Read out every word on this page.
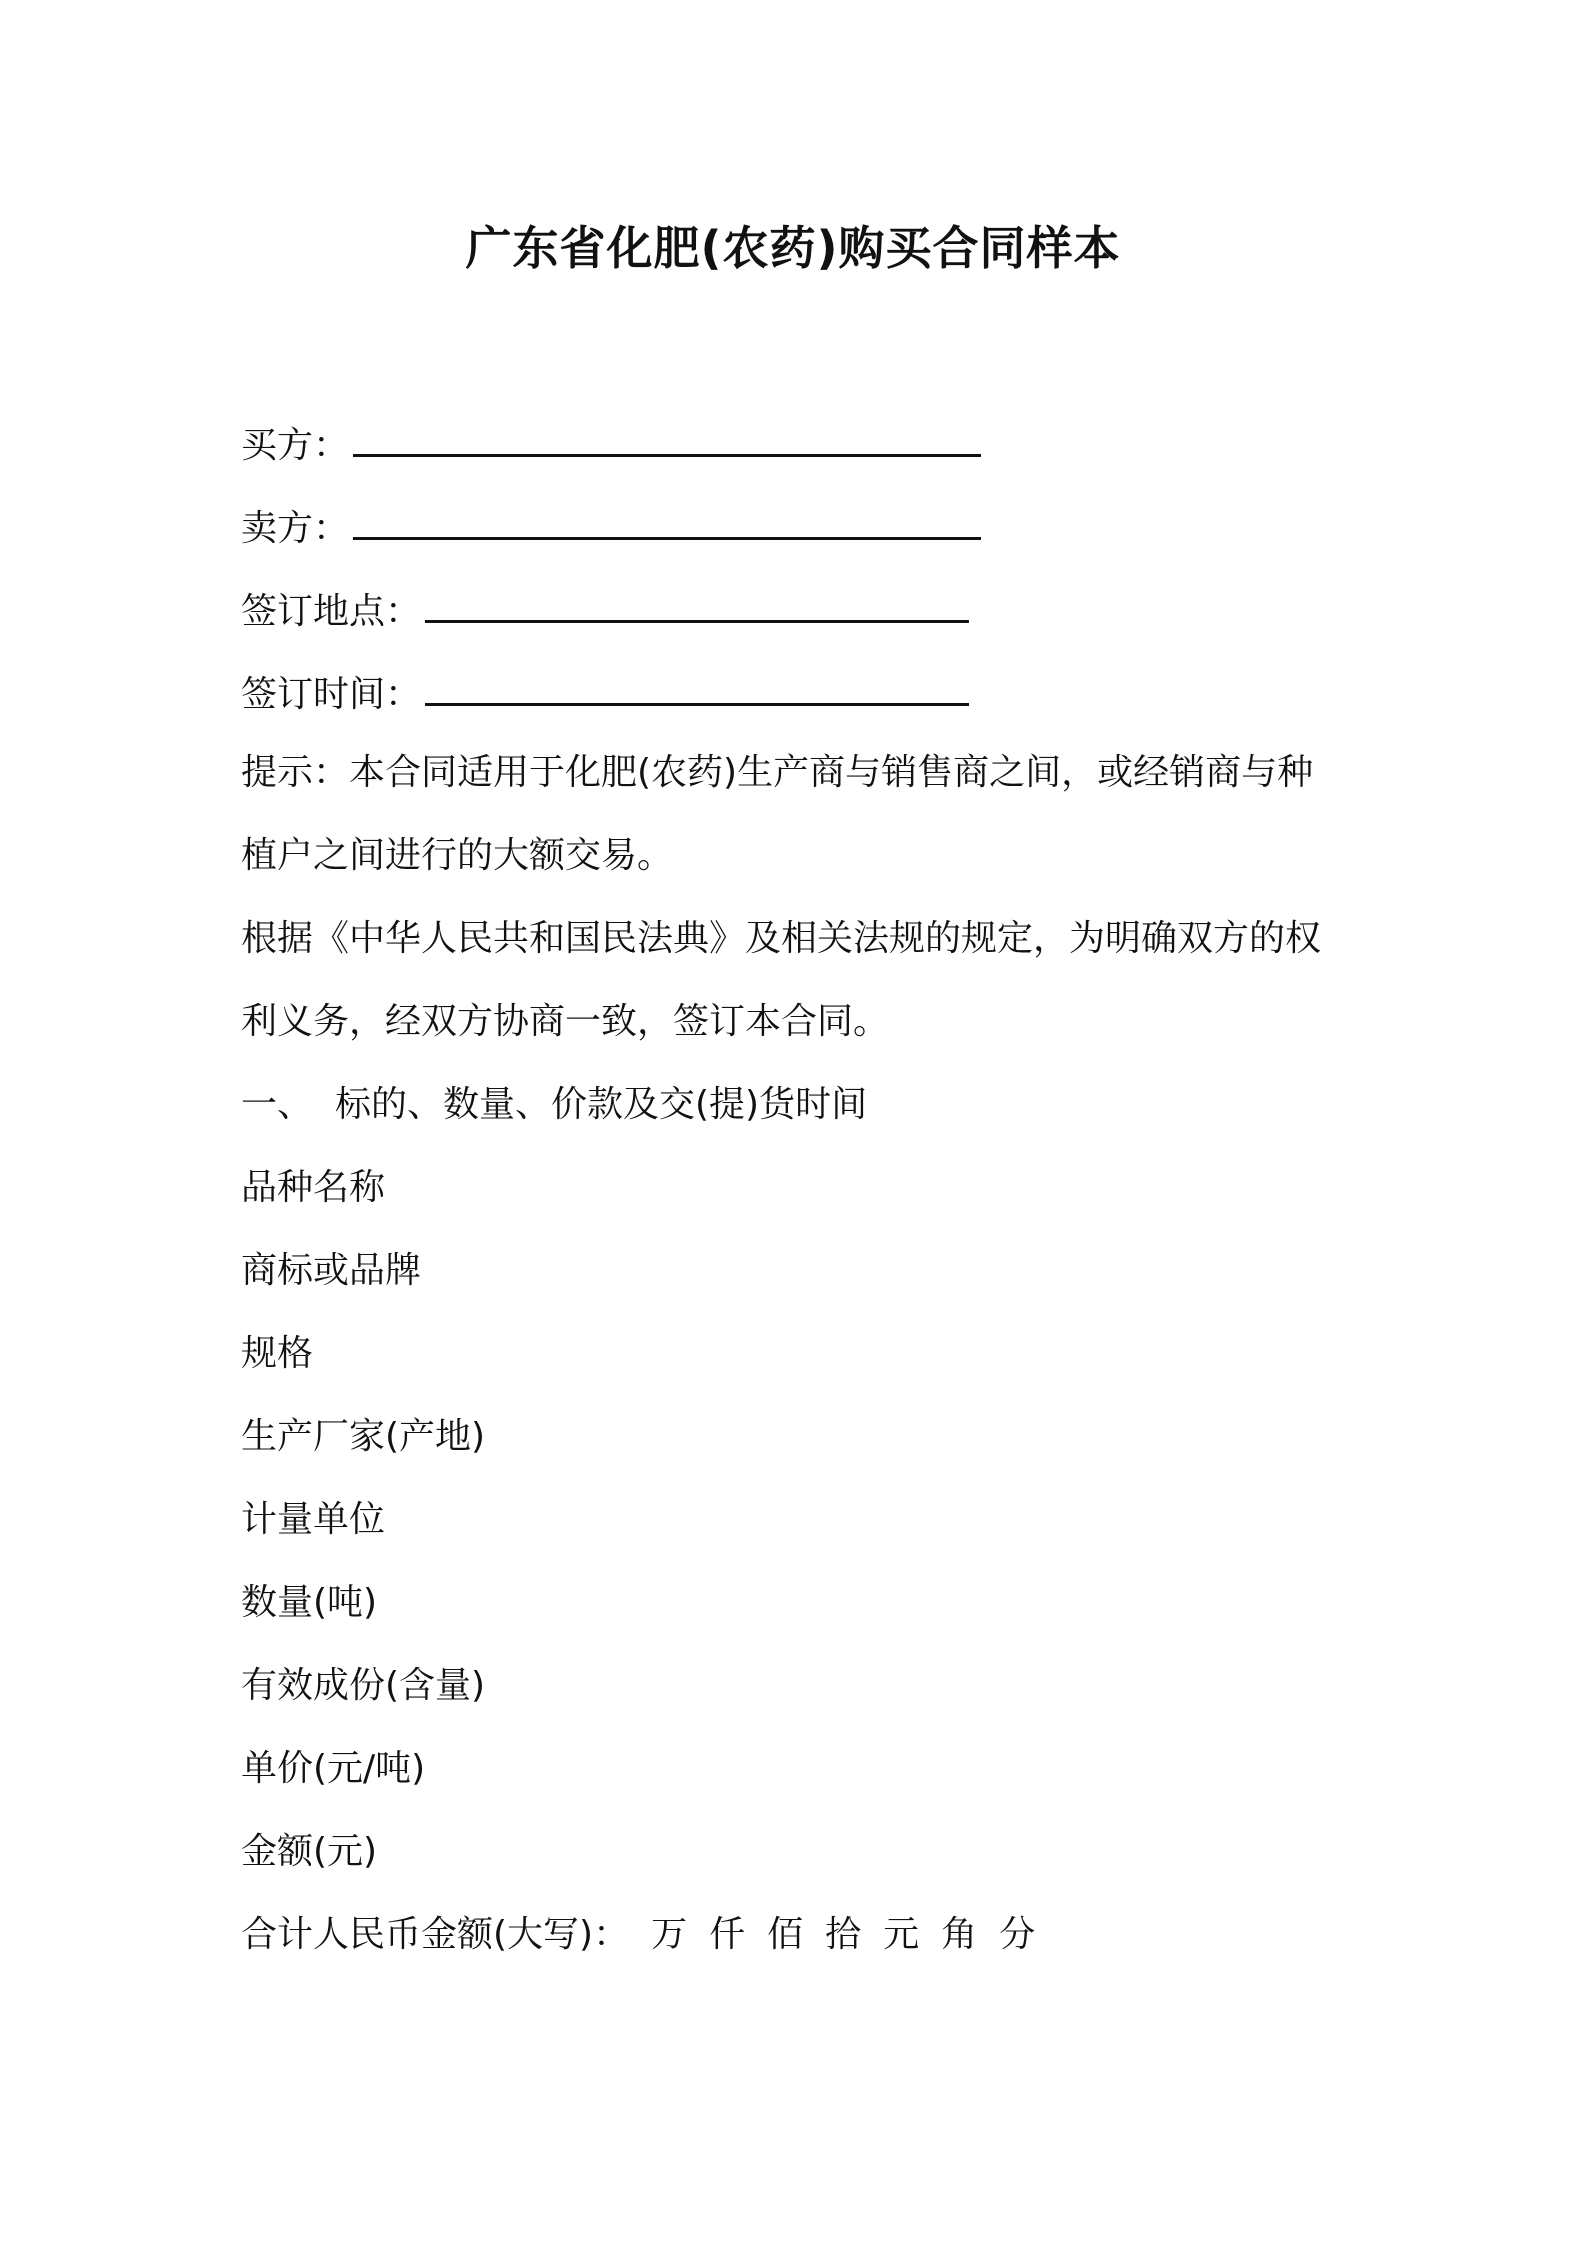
广东省化肥(农药)购买合同样本
买方：
卖方：
签订地点：
签订时间：
提示：本合同适用于化肥(农药)生产商与销售商之间，或经销商与种
植户之间进行的大额交易。
根据《中华人民共和国民法典》及相关法规的规定，为明确双方的权
利义务，经双方协商一致，签订本合同。
一、 标的、数量、价款及交(提)货时间
品种名称
商标或品牌
规格
生产厂家(产地)
计量单位
数量(吨)
有效成份(含量)
单价(元/吨)
金额(元)
合计人民币金额(大写)： 万 仟 佰 拾 元 角 分
